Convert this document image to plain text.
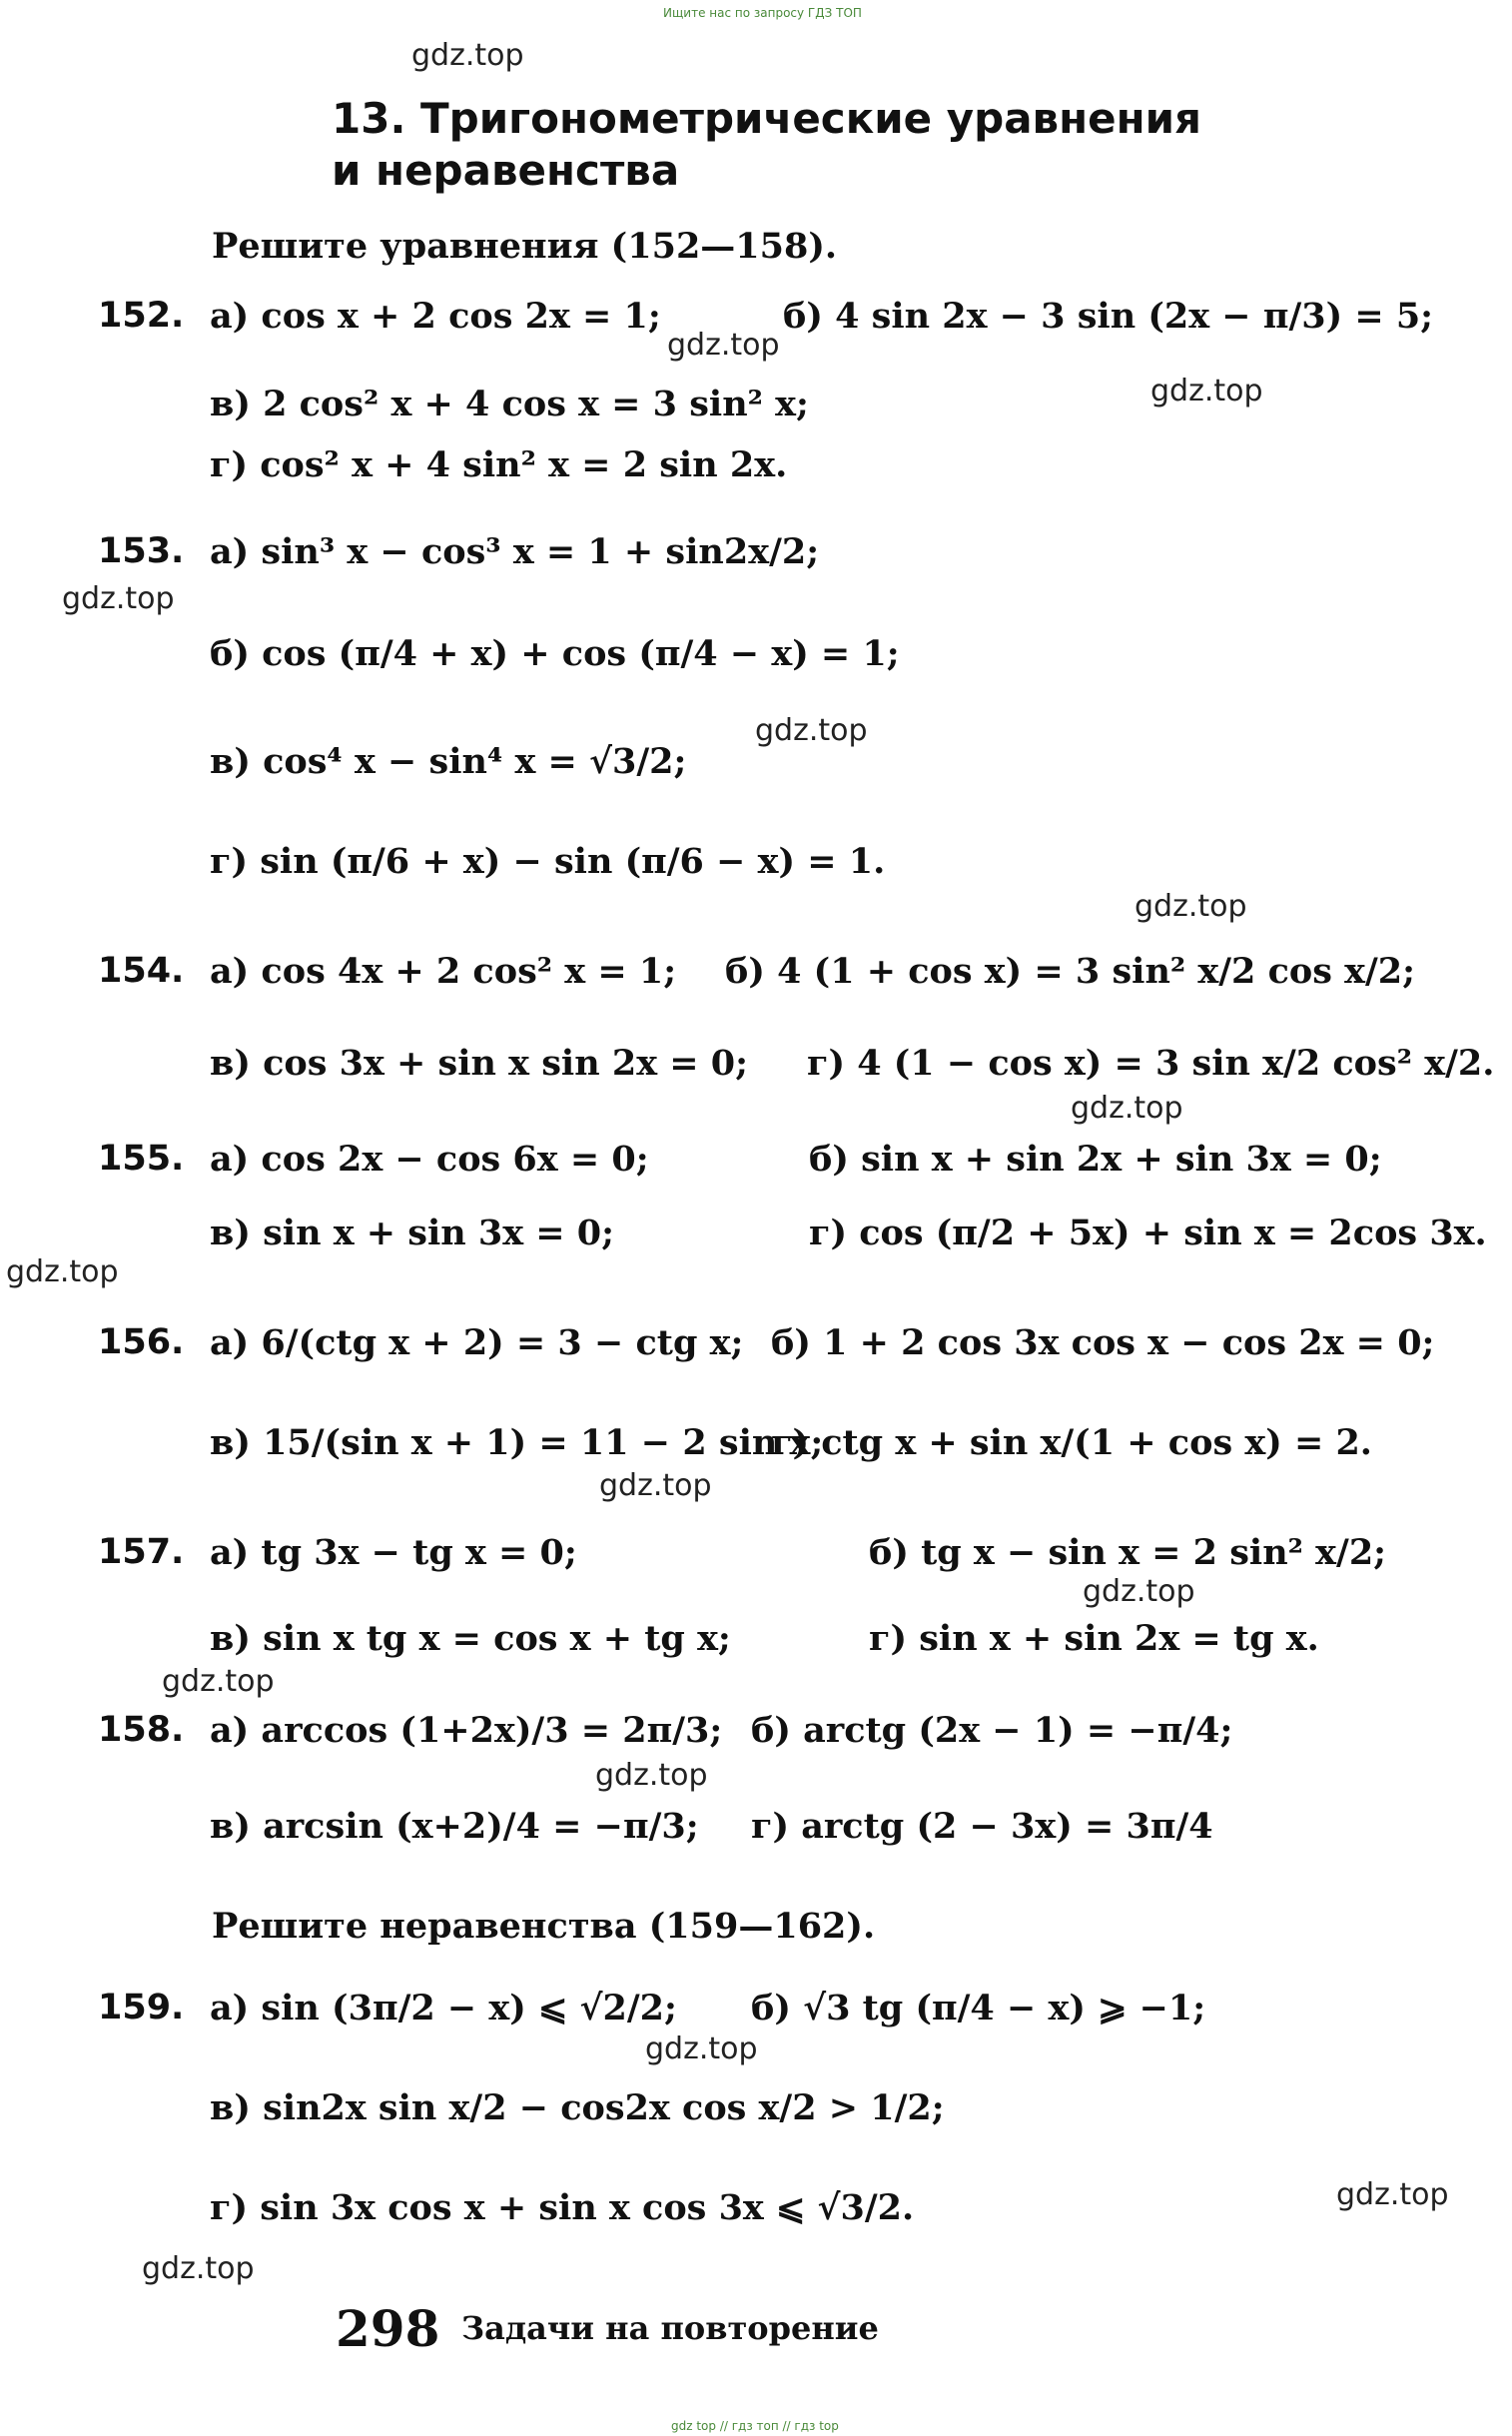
Ищите нас по запросу ГДЗ ТОП
13. Тригонометрические уравнения
и неравенства
Решите уравнения (152—158).
152. а) cos x + 2 cos 2x = 1;	б) 4 sin 2x − 3 sin (2x − π/3) = 5;
в) 2 cos² x + 4 cos x = 3 sin² x;
г) cos² x + 4 sin² x = 2 sin 2x.
153. а) sin³ x − cos³ x = 1 + sin2x/2;
б) cos (π/4 + x) + cos (π/4 − x) = 1;
в) cos⁴ x − sin⁴ x = √3/2;
г) sin (π/6 + x) − sin (π/6 − x) = 1.
154. а) cos 4x + 2 cos² x = 1; б) 4 (1 + cos x) = 3 sin² x/2 cos x/2;
в) cos 3x + sin x sin 2x = 0; г) 4 (1 − cos x) = 3 sin x/2 cos² x/2.
155. а) cos 2x − cos 6x = 0;	б) sin x + sin 2x + sin 3x = 0;
в) sin x + sin 3x = 0;	г) cos (π/2 + 5x) + sin x = 2cos 3x.
156. а) 6/(ctg x + 2) = 3 − ctg x; б) 1 + 2 cos 3x cos x − cos 2x = 0;
в) 15/(sin x + 1) = 11 − 2 sin x;
г) ctg x + sin x/(1 + cos x) = 2.
157. а) tg 3x − tg x = 0;	б) tg x − sin x = 2 sin² x/2;
в) sin x tg x = cos x + tg x;	г) sin x + sin 2x = tg x.
158. а) arccos (1+2x)/3 = 2π/3; б) arctg (2x − 1) = −π/4;
в) arcsin (x+2)/4 = −π/3; г) arctg (2 − 3x) = 3π/4
Решите неравенства (159—162).
159. а) sin (3π/2 − x) ⩽ √2/2; б) √3 tg (π/4 − x) ⩾ −1;
в) sin2x sin x/2 − cos2x cos x/2 > 1/2;
г) sin 3x cos x + sin x cos 3x ⩽ √3/2.
298 Задачи на повторение
gdz top // гдз топ // гдз top
gdz.top
gdz.top
gdz.top
gdz.top
gdz.top
gdz.top
gdz.top
gdz.top
gdz.top
gdz.top
gdz.top
gdz.top
gdz.top
gdz.top
gdz.top
